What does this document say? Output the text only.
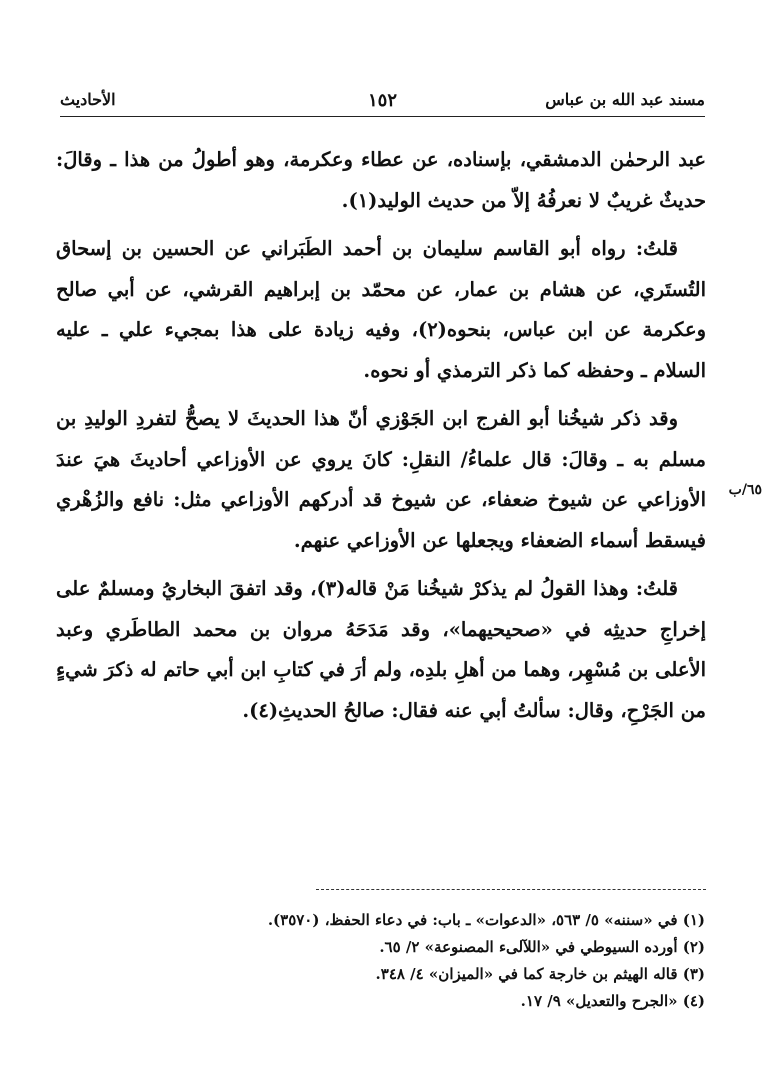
مسند عبد الله بن عباس
١٥٢
الأحاديث

عبد الرحمٰن الدمشقي، بإسناده، عن عطاء وعكرمة، وهو أطولُ من هذا ـ وقالَ: حديثٌ غريبٌ لا نعرفُهُ إلاّ من حديث الوليد(١).

قلتُ: رواه أبو القاسم سليمان بن أحمد الطَبَراني عن الحسين بن إسحاق التُستَري، عن هشام بن عمار، عن محمّد بن إبراهيم القرشي، عن أبي صالح وعكرمة عن ابن عباس، بنحوه(٢)، وفيه زيادة على هذا بمجيء علي ـ عليه السلام ـ وحفظه كما ذكر الترمذي أو نحوه.

وقد ذكر شيخُنا أبو الفرج ابن الجَوْزي أنّ هذا الحديثَ لا يصحُّ لتفردِ الوليدِ بن مسلم به ـ وقالَ: قال علماءُ/ النقلِ: كانَ يروي عن الأوزاعي أحاديثَ هيَ عندَ الأوزاعي عن شيوخ ضعفاء، عن شيوخ قد أدركهم الأوزاعي مثل: نافع والزُهْري فيسقط أسماء الضعفاء ويجعلها عن الأوزاعي عنهم.

قلتُ: وهذا القولُ لم يذكرْ شيخُنا مَنْ قاله(٣)، وقد اتفقَ البخاريُ ومسلمٌ على إخراجِ حديثِه في «صحيحيهما»، وقد مَدَحَهُ مروان بن محمد الطاطَري وعبد الأعلى بن مُسْهِر، وهما من أهلِ بلدِه، ولم أرَ في كتابِ ابن أبي حاتم له ذكرَ شيءٍ من الجَرْحِ، وقال: سألتُ أبي عنه فقال: صالحُ الحديثِ(٤).

٦٥/ب
(١) في «سننه» ٥/ ٥٦٣، «الدعوات» ـ باب: في دعاء الحفظ، (٣٥٧٠).
(٢) أورده السيوطي في «اللآلىء المصنوعة» ٢/ ٦٥.
(٣) قاله الهيثم بن خارجة كما في «الميزان» ٤/ ٣٤٨.
(٤) «الجرح والتعديل» ٩/ ١٧.
